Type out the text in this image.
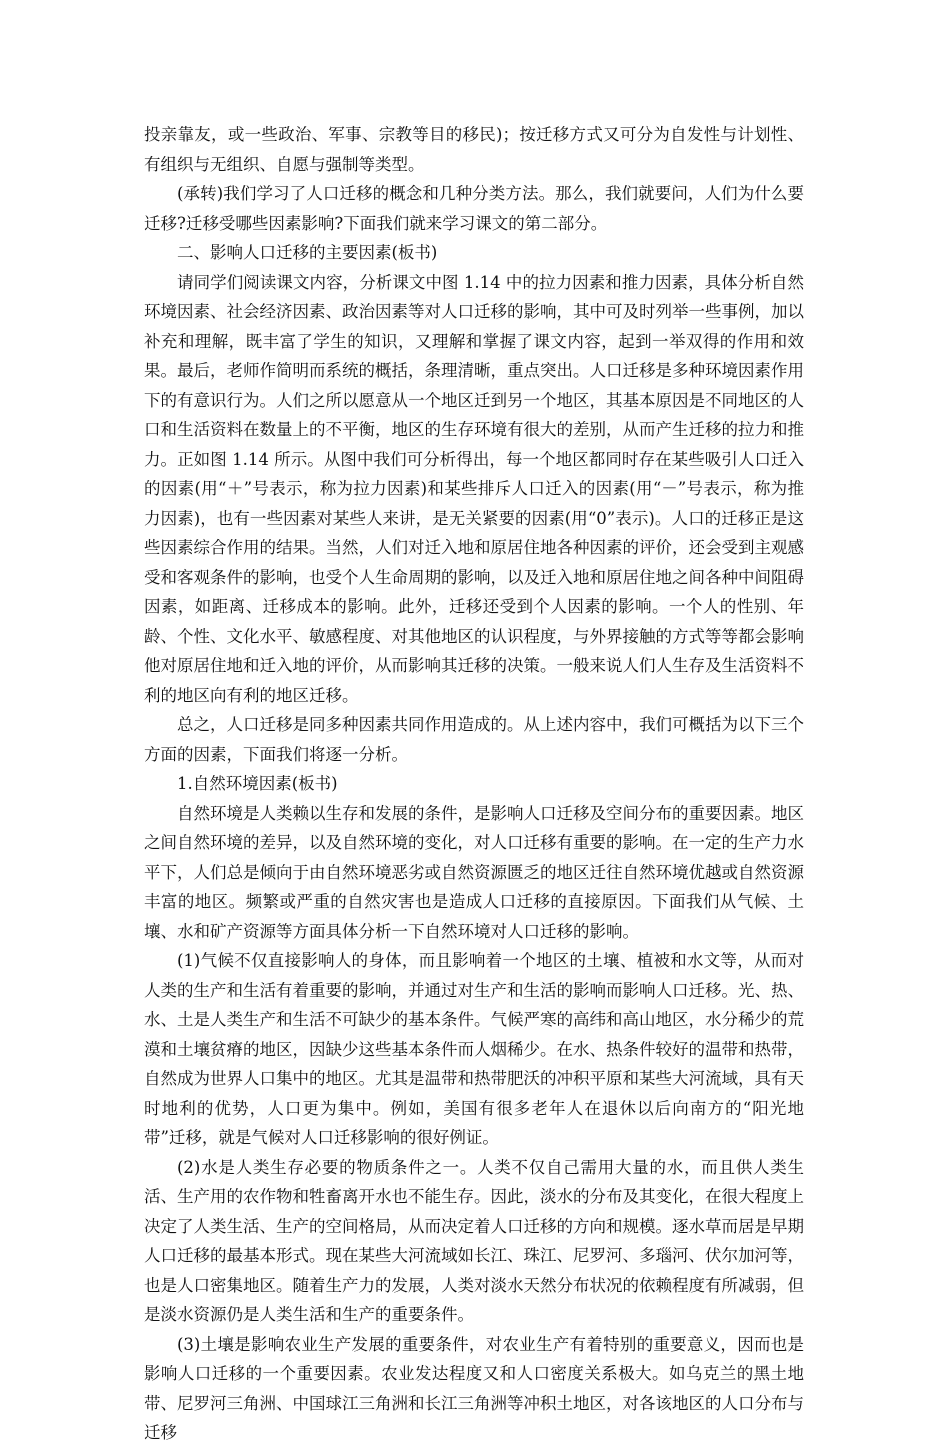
投亲靠友，或一些政治、军事、宗教等目的移民)；按迁移方式又可分为自发性与计划性、有组织与无组织、自愿与强制等类型。

(承转)我们学习了人口迁移的概念和几种分类方法。那么，我们就要问，人们为什么要迁移?迁移受哪些因素影响?下面我们就来学习课文的第二部分。

二、影响人口迁移的主要因素(板书)

请同学们阅读课文内容，分析课文中图 1.14 中的拉力因素和推力因素，具体分析自然环境因素、社会经济因素、政治因素等对人口迁移的影响，其中可及时列举一些事例，加以补充和理解，既丰富了学生的知识，又理解和掌握了课文内容，起到一举双得的作用和效果。最后，老师作简明而系统的概括，条理清晰，重点突出。人口迁移是多种环境因素作用下的有意识行为。人们之所以愿意从一个地区迁到另一个地区，其基本原因是不同地区的人口和生活资料在数量上的不平衡，地区的生存环境有很大的差别，从而产生迁移的拉力和推力。正如图 1.14 所示。从图中我们可分析得出，每一个地区都同时存在某些吸引人口迁入的因素(用“＋”号表示，称为拉力因素)和某些排斥人口迁入的因素(用“－”号表示，称为推力因素)，也有一些因素对某些人来讲，是无关紧要的因素(用“0”表示)。人口的迁移正是这些因素综合作用的结果。当然，人们对迁入地和原居住地各种因素的评价，还会受到主观感受和客观条件的影响，也受个人生命周期的影响，以及迁入地和原居住地之间各种中间阻碍因素，如距离、迁移成本的影响。此外，迁移还受到个人因素的影响。一个人的性别、年龄、个性、文化水平、敏感程度、对其他地区的认识程度，与外界接触的方式等等都会影响他对原居住地和迁入地的评价，从而影响其迁移的决策。一般来说人们人生存及生活资料不利的地区向有利的地区迁移。

总之，人口迁移是同多种因素共同作用造成的。从上述内容中，我们可概括为以下三个方面的因素，下面我们将逐一分析。

1.自然环境因素(板书)

自然环境是人类赖以生存和发展的条件，是影响人口迁移及空间分布的重要因素。地区之间自然环境的差异，以及自然环境的变化，对人口迁移有重要的影响。在一定的生产力水平下，人们总是倾向于由自然环境恶劣或自然资源匮乏的地区迁往自然环境优越或自然资源丰富的地区。频繁或严重的自然灾害也是造成人口迁移的直接原因。下面我们从气候、土壤、水和矿产资源等方面具体分析一下自然环境对人口迁移的影响。

(1)气候不仅直接影响人的身体，而且影响着一个地区的土壤、植被和水文等，从而对人类的生产和生活有着重要的影响，并通过对生产和生活的影响而影响人口迁移。光、热、水、土是人类生产和生活不可缺少的基本条件。气候严寒的高纬和高山地区，水分稀少的荒漠和土壤贫瘠的地区，因缺少这些基本条件而人烟稀少。在水、热条件较好的温带和热带，自然成为世界人口集中的地区。尤其是温带和热带肥沃的冲积平原和某些大河流域，具有天时地利的优势，人口更为集中。例如，美国有很多老年人在退休以后向南方的“阳光地带”迁移，就是气候对人口迁移影响的很好例证。

(2)水是人类生存必要的物质条件之一。人类不仅自己需用大量的水，而且供人类生活、生产用的农作物和牲畜离开水也不能生存。因此，淡水的分布及其变化，在很大程度上决定了人类生活、生产的空间格局，从而决定着人口迁移的方向和规模。逐水草而居是早期人口迁移的最基本形式。现在某些大河流域如长江、珠江、尼罗河、多瑙河、伏尔加河等，也是人口密集地区。随着生产力的发展，人类对淡水天然分布状况的依赖程度有所减弱，但是淡水资源仍是人类生活和生产的重要条件。

(3)土壤是影响农业生产发展的重要条件，对农业生产有着特别的重要意义，因而也是影响人口迁移的一个重要因素。农业发达程度又和人口密度关系极大。如乌克兰的黑土地带、尼罗河三角洲、中国球江三角洲和长江三角洲等冲积土地区，对各该地区的人口分布与迁移
